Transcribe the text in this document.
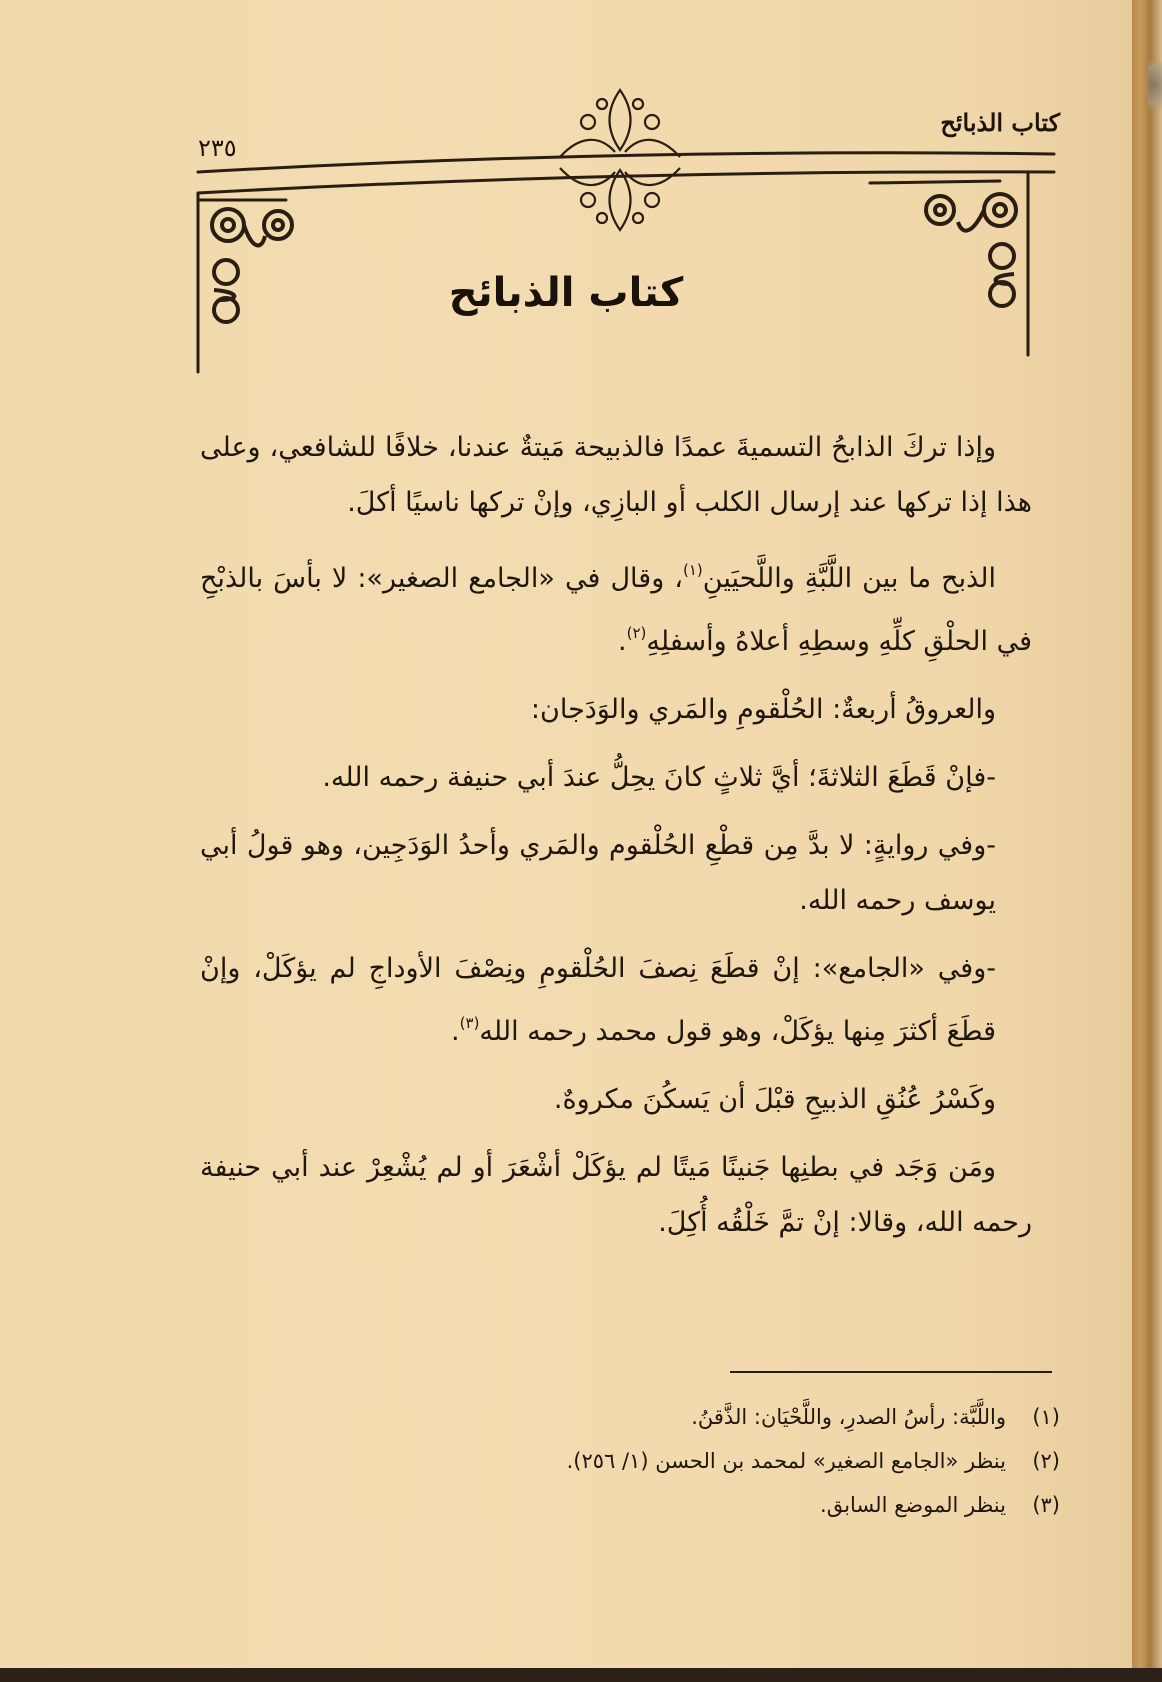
كتاب الذبائح
٢٣٥
كتاب الذبائح

وإذا تركَ الذابحُ التسميةَ عمدًا فالذبيحة مَيتةٌ عندنا، خلافًا للشافعي، وعلى هذا إذا تركها عند إرسال الكلب أو البازِي، وإنْ تركها ناسيًا أكلَ.

الذبح ما بين اللَّبَّةِ واللَّحيَينِ$^{(١)}$، وقال في «الجامع الصغير»: لا بأسَ بالذبْحِ في الحلْقِ كلِّهِ وسطِهِ أعلاهُ وأسفلِهِ$^{(٢)}$.

والعروقُ أربعةٌ: الحُلْقومِ والمَري والوَدَجان:

-فإنْ قَطَعَ الثلاثةَ؛ أيَّ ثلاثٍ كانَ يحِلُّ عندَ أبي حنيفة رحمه الله.

-وفي روايةٍ: لا بدَّ مِن قطْعِ الحُلْقوم والمَري وأحدُ الوَدَجِين، وهو قولُ أبي يوسف رحمه الله.

-وفي «الجامع»: إنْ قطَعَ نِصفَ الحُلْقومِ ونِصْفَ الأوداجِ لم يؤكَلْ، وإنْ قطَعَ أكثرَ مِنها يؤكَلْ، وهو قول محمد رحمه الله$^{(٣)}$.

وكَسْرُ عُنُقِ الذبيحِ قبْلَ أن يَسكُنَ مكروهٌ.

ومَن وَجَد في بطنِها جَنينًا مَيتًا لم يؤكَلْ أشْعَرَ أو لم يُشْعِرْ عند أبي حنيفة رحمه الله، وقالا: إنْ تمَّ خَلْقُه أُكِلَ.

(١)
واللَّبَّة: رأسُ الصدرِ، واللَّحْيَان: الذَّقنُ.
(٢)
ينظر «الجامع الصغير» لمحمد بن الحسن (١/ ٢٥٦).
(٣)
ينظر الموضع السابق.
